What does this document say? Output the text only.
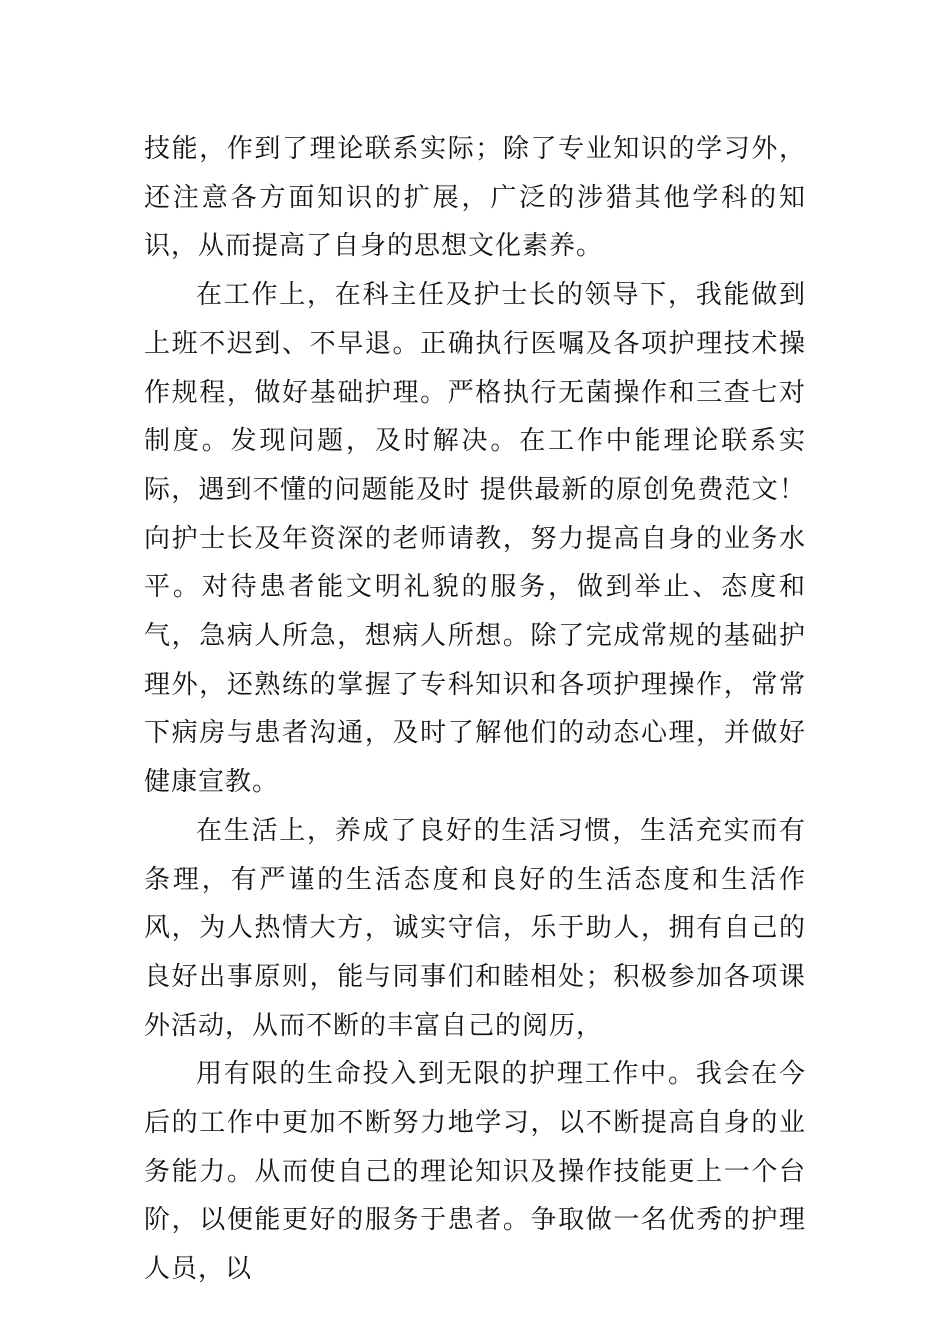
技能，作到了理论联系实际；除了专业知识的学习外，还注意各方面知识的扩展，广泛的涉猎其他学科的知识，从而提高了自身的思想文化素养。

在工作上，在科主任及护士长的领导下，我能做到上班不迟到、不早退。正确执行医嘱及各项护理技术操作规程，做好基础护理。严格执行无菌操作和三查七对制度。发现问题，及时解决。在工作中能理论联系实际，遇到不懂的问题能及时 提供最新的原创免费范文！向护士长及年资深的老师请教，努力提高自身的业务水平。对待患者能文明礼貌的服务，做到举止、态度和气，急病人所急，想病人所想。除了完成常规的基础护理外，还熟练的掌握了专科知识和各项护理操作，常常下病房与患者沟通，及时了解他们的动态心理，并做好健康宣教。

在生活上，养成了良好的生活习惯，生活充实而有条理，有严谨的生活态度和良好的生活态度和生活作风，为人热情大方，诚实守信，乐于助人，拥有自己的良好出事原则，能与同事们和睦相处；积极参加各项课外活动，从而不断的丰富自己的阅历，

用有限的生命投入到无限的护理工作中。我会在今后的工作中更加不断努力地学习，以不断提高自身的业务能力。从而使自己的理论知识及操作技能更上一个台阶，以便能更好的服务于患者。争取做一名优秀的护理人员，以
